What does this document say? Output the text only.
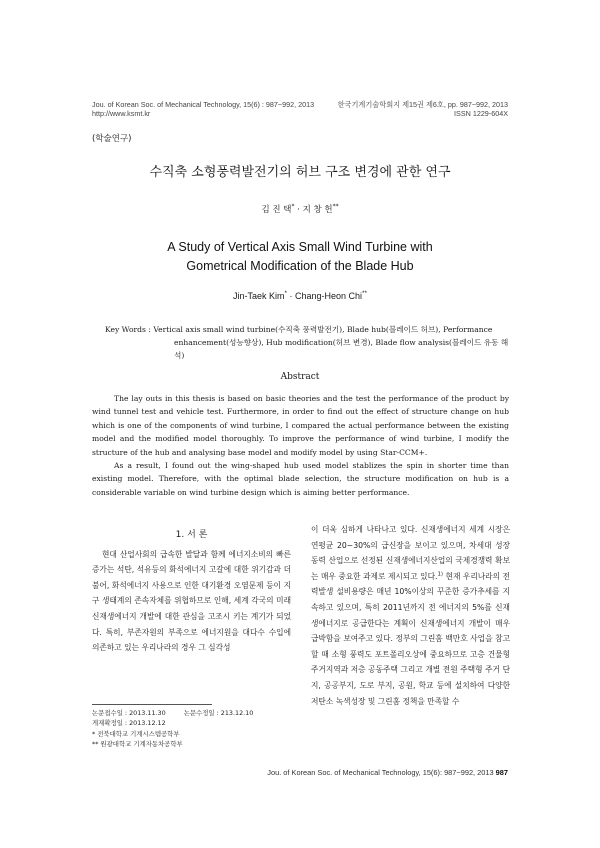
Jou. of Korean Soc. of Mechanical Technology, 15(6) : 987~992, 2013
http://www.ksmt.kr
한국기계기술학회지 제15권 제6호, pp. 987~992, 2013
ISSN 1229-604X
(학술연구)
수직축 소형풍력발전기의 허브 구조 변경에 관한 연구
김 진 택* · 지 창 헌**
A Study of Vertical Axis Small Wind Turbine with
Gometrical Modification of the Blade Hub
Jin-Taek Kim* · Chang-Heon Chi**
Key Words : Vertical axis small wind turbine(수직축 풍력발전기), Blade hub(블레이드 허브), Performance
enhancement(성능향상), Hub modification(허브 변경), Blade flow analysis(블레이드 유동 해석)
Abstract

The lay outs in this thesis is based on basic theories and the test the performance of the product by wind tunnel test and vehicle test. Furthermore, in order to find out the effect of structure change on hub which is one of the components of wind turbine, I compared the actual performance between the existing model and the modified model thoroughly. To improve the performance of wind turbine, I modify the structure of the hub and analysing base model and modify model by using Star-CCM+.

As a result, I found out the wing-shaped hub used model stablizes the spin in shorter time than existing model. Therefore, with the optimal blade selection, the structure modification on hub is a considerable variable on wind turbine design which is aiming better performance.

1. 서 론

현대 산업사회의 급속한 발달과 함께 에너지소비의 빠른 증가는 석탄, 석유등의 화석에너지 고갈에 대한 위기감과 더불어, 화석에너지 사용으로 인한 대기환경 오염문제 등이 지구 생태계의 존속자체를 위협하므로 인해, 세계 각국의 미래 신재생에너지 개발에 대한 관심을 고조시 키는 계기가 되었다. 특히, 부존자원의 부족으로 에너지원을 대다수 수입에 의존하고 있는 우리나라의 경우 그 심각성

이 더욱 심하게 나타나고 있다. 신재생에너지 세계 시장은 연평균 20~30%의 급신장을 보이고 있으며, 차세대 성장 동력 산업으로 선정된 신재생에너지산업의 국제경쟁력 확보는 매우 중요한 과제로 제시되고 있다.$^{1)}$ 현재 우리나라의 전력발생 설비용량은 매년 10%이상의 꾸준한 증가추세를 지속하고 있으며, 특히 2011년까지 전 에너지의 5%를 신재생에너지로 공급한다는 계획이 신재생에너지 개발이 매우 급박함을 보여주고 있다. 정부의 그린홈 백만호 사업을 참고할 때 소형 풍력도 포트폴리오상에 중요하므로 고층 건물형 주거지역과 저층 공동주택 그리고 개별 전원 주택형 주거 단지, 공공부지, 도로 부지, 공원, 학교 등에 설치하여 다양한 저탄소 녹색성장 및 그린홈 정책을 만족할 수

논문접수일 : 2013.11.30	논문수정일 : 213.12.10
게재확정일 : 2013.12.12
* 전북대학교 기계시스템공학부
** 원광대학교 기계자동차공학부
Jou. of Korean Soc. of Mechanical Technology, 15(6): 987~992, 2013 987
